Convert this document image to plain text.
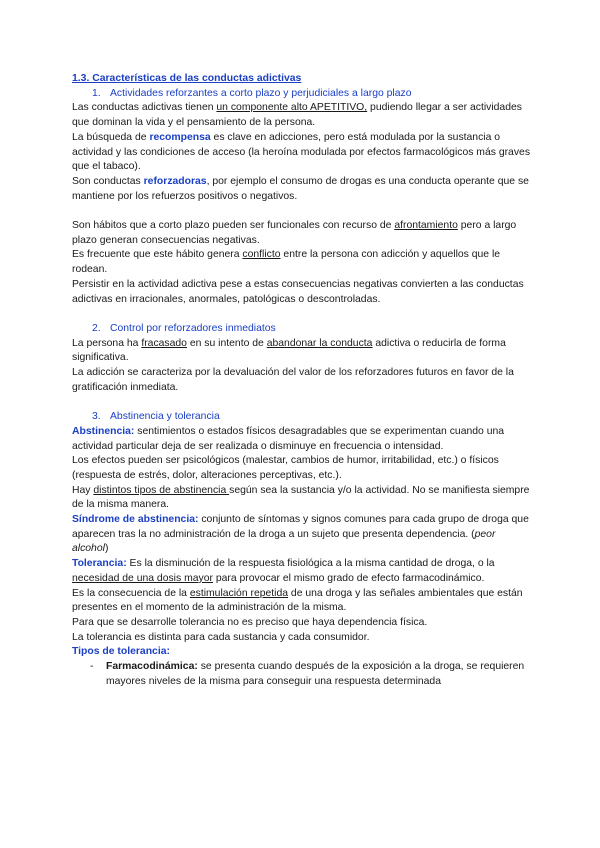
1.3. Características de las conductas adictivas

1. Actividades reforzantes a corto plazo y perjudiciales a largo plazo

Las conductas adictivas tienen un componente alto APETITIVO, pudiendo llegar a ser actividades que dominan la vida y el pensamiento de la persona.

La búsqueda de recompensa es clave en adicciones, pero está modulada por la sustancia o actividad y las condiciones de acceso (la heroína modulada por efectos farmacológicos más graves que el tabaco).

Son conductas reforzadoras, por ejemplo el consumo de drogas es una conducta operante que se mantiene por los refuerzos positivos o negativos.

Son hábitos que a corto plazo pueden ser funcionales con recurso de afrontamiento pero a largo plazo generan consecuencias negativas.

Es frecuente que este hábito genera conflicto entre la persona con adicción y aquellos que le rodean.

Persistir en la actividad adictiva pese a estas consecuencias negativas convierten a las conductas adictivas en irracionales, anormales, patológicas o descontroladas.

2. Control por reforzadores inmediatos

La persona ha fracasado en su intento de abandonar la conducta adictiva o reducirla de forma significativa.

La adicción se caracteriza por la devaluación del valor de los reforzadores futuros en favor de la gratificación inmediata.

3. Abstinencia y tolerancia

Abstinencia: sentimientos o estados físicos desagradables que se experimentan cuando una actividad particular deja de ser realizada o disminuye en frecuencia o intensidad.

Los efectos pueden ser psicológicos (malestar, cambios de humor, irritabilidad, etc.) o físicos (respuesta de estrés, dolor, alteraciones perceptivas, etc.).

Hay distintos tipos de abstinencia según sea la sustancia y/o la actividad. No se manifiesta siempre de la misma manera.

Síndrome de abstinencia: conjunto de síntomas y signos comunes para cada grupo de droga que aparecen tras la no administración de la droga a un sujeto que presenta dependencia. (peor alcohol)

Tolerancia: Es la disminución de la respuesta fisiológica a la misma cantidad de droga, o la necesidad de una dosis mayor para provocar el mismo grado de efecto farmacodinámico.

Es la consecuencia de la estimulación repetida de una droga y las señales ambientales que están presentes en el momento de la administración de la misma.

Para que se desarrolle tolerancia no es preciso que haya dependencia física.

La tolerancia es distinta para cada sustancia y cada consumidor.

Tipos de tolerancia:

- Farmacodinámica: se presenta cuando después de la exposición a la droga, se requieren mayores niveles de la misma para conseguir una respuesta determinada
